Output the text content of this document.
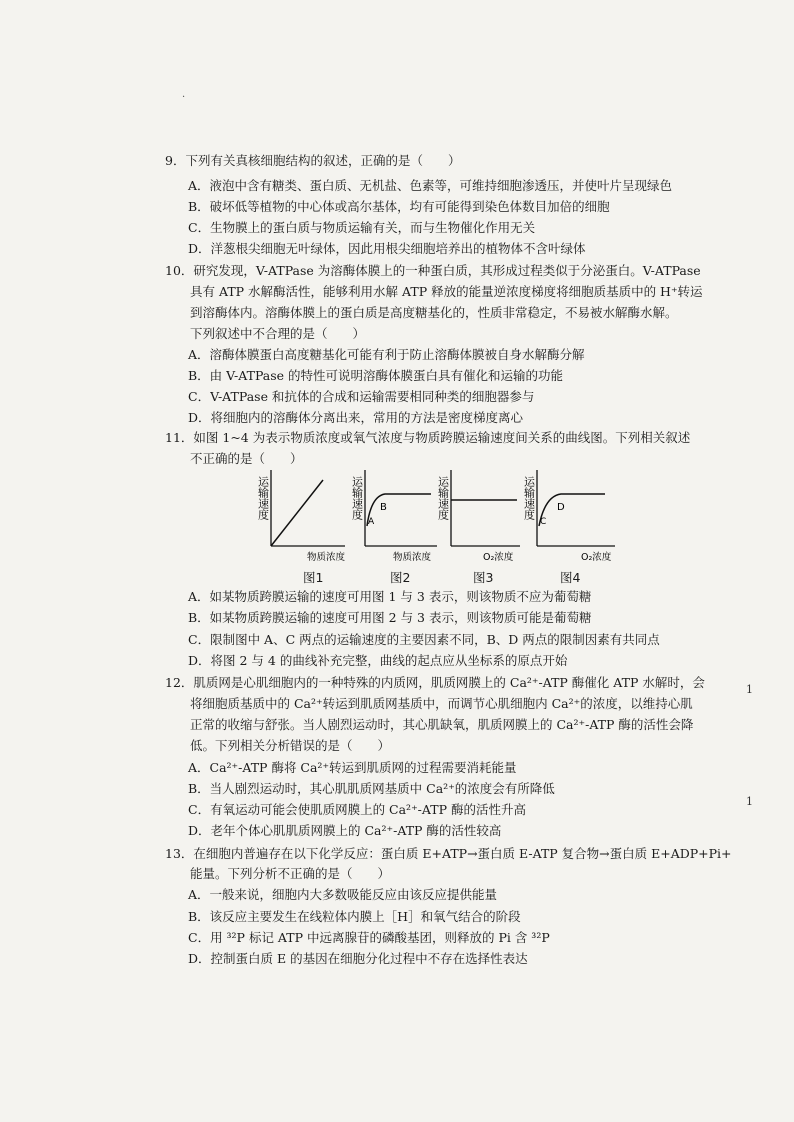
9．下列有关真核细胞结构的叙述，正确的是（　　）
A．液泡中含有糖类、蛋白质、无机盐、色素等，可维持细胞渗透压，并使叶片呈现绿色
B．破坏低等植物的中心体或高尔基体，均有可能得到染色体数目加倍的细胞
C．生物膜上的蛋白质与物质运输有关，而与生物催化作用无关
D．洋葱根尖细胞无叶绿体，因此用根尖细胞培养出的植物体不含叶绿体
10．研究发现，V-ATPase 为溶酶体膜上的一种蛋白质，其形成过程类似于分泌蛋白。V-ATPase
具有 ATP 水解酶活性，能够利用水解 ATP 释放的能量逆浓度梯度将细胞质基质中的 H⁺转运
到溶酶体内。溶酶体膜上的蛋白质是高度糖基化的，性质非常稳定，不易被水解酶水解。
下列叙述中不合理的是（　　）
A．溶酶体膜蛋白高度糖基化可能有利于防止溶酶体膜被自身水解酶分解
B．由 V-ATPase 的特性可说明溶酶体膜蛋白具有催化和运输的功能
C．V-ATPase 和抗体的合成和运输需要相同种类的细胞器参与
D．将细胞内的溶酶体分离出来，常用的方法是密度梯度离心
11．如图 1~4 为表示物质浓度或氧气浓度与物质跨膜运输速度间关系的曲线图。下列相关叙述
不正确的是（　　）
运输速度
物质浓度
运输速度 B
A
物质浓度
运输速度
O₂浓度
运输速度 D
C
O₂浓度
图1	图2	图3	图4
A．如某物质跨膜运输的速度可用图 1 与 3 表示，则该物质不应为葡萄糖
B．如某物质跨膜运输的速度可用图 2 与 3 表示，则该物质可能是葡萄糖
C．限制图中 A、C 两点的运输速度的主要因素不同，B、D 两点的限制因素有共同点
D．将图 2 与 4 的曲线补充完整，曲线的起点应从坐标系的原点开始
12．肌质网是心肌细胞内的一种特殊的内质网，肌质网膜上的 Ca²⁺-ATP 酶催化 ATP 水解时，会
将细胞质基质中的 Ca²⁺转运到肌质网基质中，而调节心肌细胞内 Ca²⁺的浓度，以维持心肌
正常的收缩与舒张。当人剧烈运动时，其心肌缺氧，肌质网膜上的 Ca²⁺-ATP 酶的活性会降
低。下列相关分析错误的是（　　）
A．Ca²⁺-ATP 酶将 Ca²⁺转运到肌质网的过程需要消耗能量
B．当人剧烈运动时，其心肌肌质网基质中 Ca²⁺的浓度会有所降低
C．有氧运动可能会使肌质网膜上的 Ca²⁺-ATP 酶的活性升高
D．老年个体心肌肌质网膜上的 Ca²⁺-ATP 酶的活性较高
13．在细胞内普遍存在以下化学反应：蛋白质 E+ATP→蛋白质 E-ATP 复合物→蛋白质 E+ADP+Pi+
能量。下列分析不正确的是（　　）
A．一般来说，细胞内大多数吸能反应由该反应提供能量
B．该反应主要发生在线粒体内膜上［H］和氧气结合的阶段
C．用 ³²P 标记 ATP 中远离腺苷的磷酸基团，则释放的 Pi 含 ³²P
D．控制蛋白质 E 的基因在细胞分化过程中不存在选择性表达
1
1
·
